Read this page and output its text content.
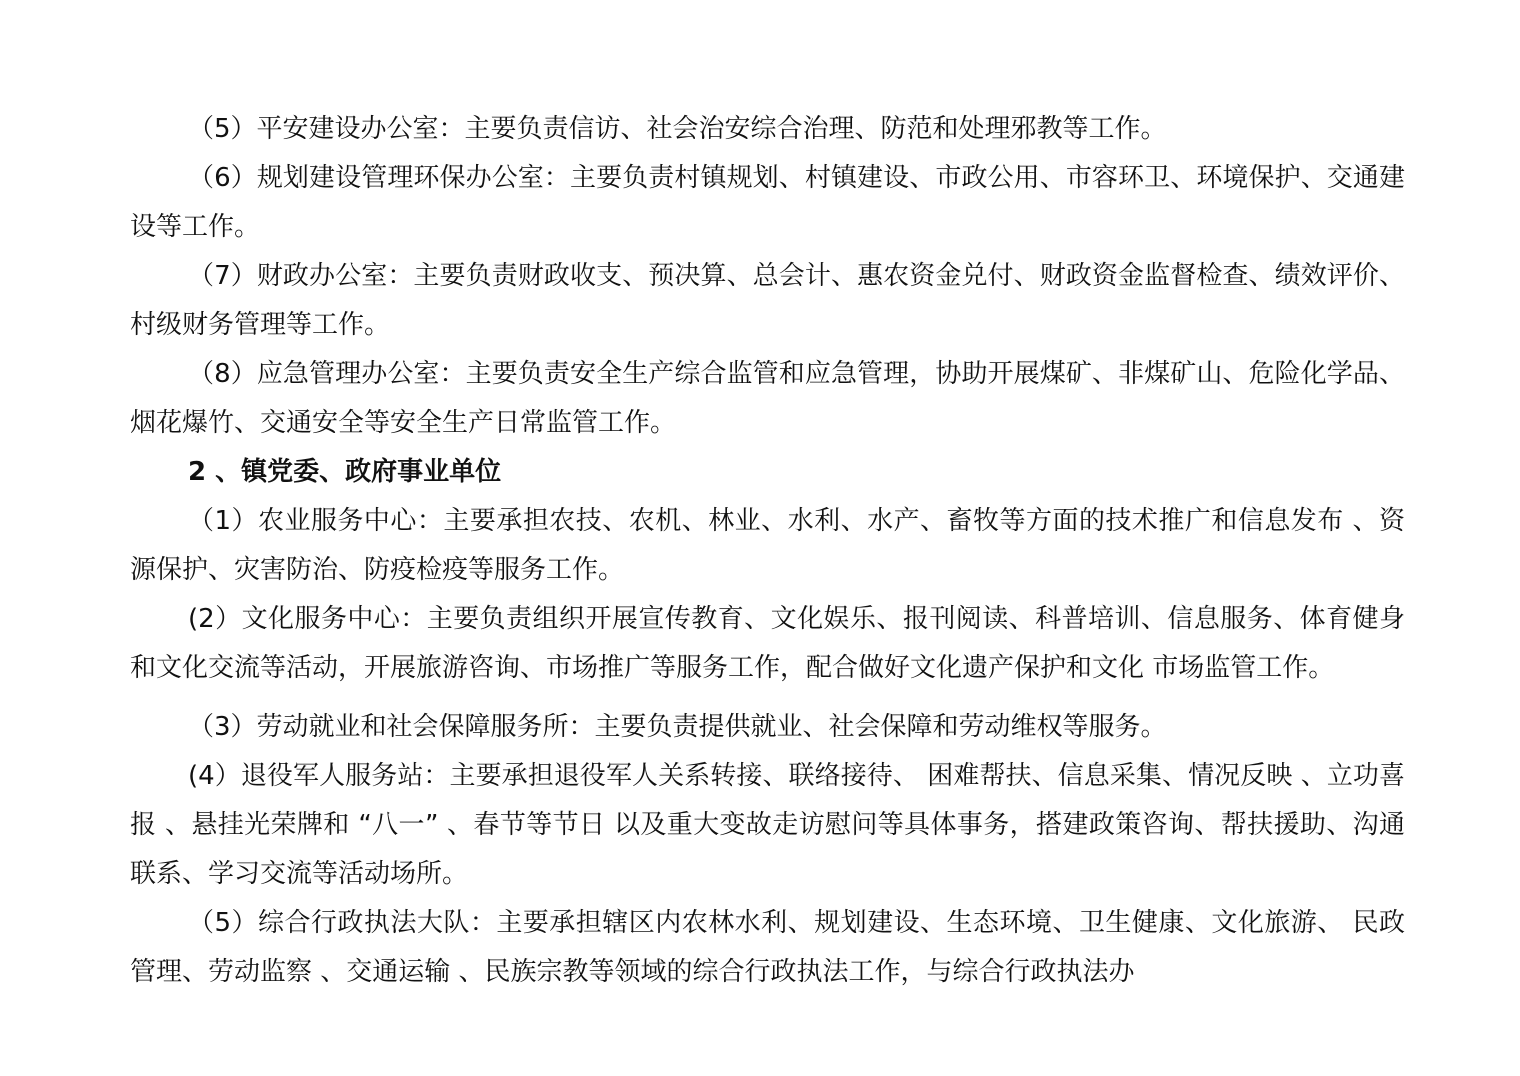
（5）平安建设办公室：主要负责信访、社会治安综合治理、防范和处理邪教等工作。

（6）规划建设管理环保办公室：主要负责村镇规划、村镇建设、市政公用、市容环卫、环境保护、交通建设等工作。

（7）财政办公室：主要负责财政收支、预决算、总会计、惠农资金兑付、财政资金监督检查、绩效评价、村级财务管理等工作。

（8）应急管理办公室：主要负责安全生产综合监管和应急管理，协助开展煤矿、非煤矿山、危险化学品、烟花爆竹、交通安全等安全生产日常监管工作。

2 、镇党委、政府事业单位

（1）农业服务中心：主要承担农技、农机、林业、水利、水产、畜牧等方面的技术推广和信息发布 、资源保护、灾害防治、防疫检疫等服务工作。

(2）文化服务中心：主要负责组织开展宣传教育、文化娱乐、报刊阅读、科普培训、信息服务、体育健身和文化交流等活动，开展旅游咨询、市场推广等服务工作，配合做好文化遗产保护和文化 市场监管工作。

（3）劳动就业和社会保障服务所：主要负责提供就业、社会保障和劳动维权等服务。

(4）退役军人服务站：主要承担退役军人关系转接、联络接待、 困难帮扶、信息采集、情况反映 、立功喜报 、悬挂光荣牌和 “八一” 、春节等节日 以及重大变故走访慰问等具体事务，搭建政策咨询、帮扶援助、沟通联系、学习交流等活动场所。

（5）综合行政执法大队：主要承担辖区内农林水利、规划建设、生态环境、卫生健康、文化旅游、 民政管理、劳动监察 、交通运输 、民族宗教等领域的综合行政执法工作，与综合行政执法办
